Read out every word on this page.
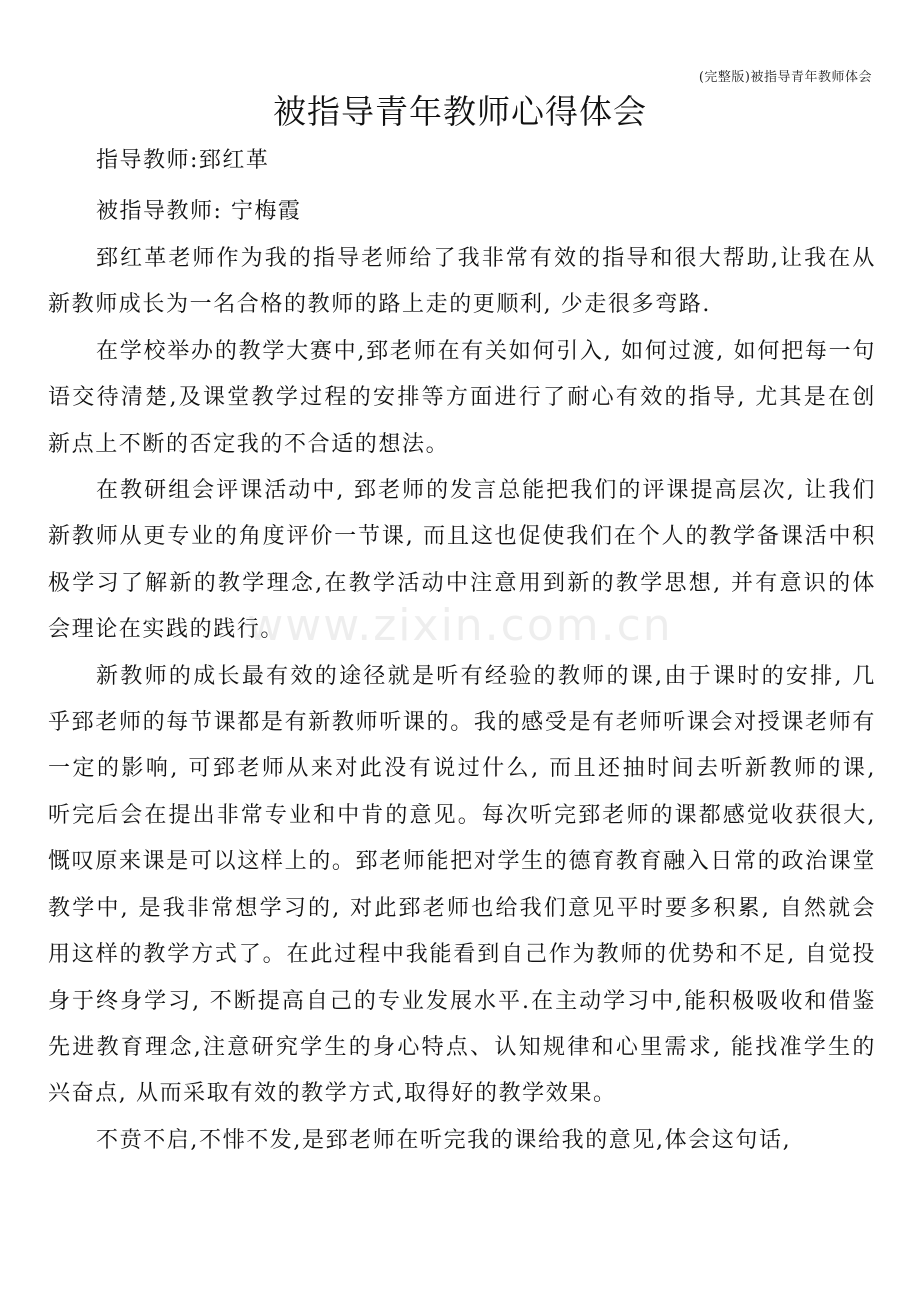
(完整版)被指导青年教师体会
被指导青年教师心得体会
指导教师:郅红革
被指导教师: 宁梅霞

郅红革老师作为我的指导老师给了我非常有效的指导和很大帮助,让我在从新教师成长为一名合格的教师的路上走的更顺利, 少走很多弯路.

在学校举办的教学大赛中,郅老师在有关如何引入, 如何过渡, 如何把每一句语交待清楚,及课堂教学过程的安排等方面进行了耐心有效的指导, 尤其是在创新点上不断的否定我的不合适的想法。

在教研组会评课活动中, 郅老师的发言总能把我们的评课提高层次, 让我们新教师从更专业的角度评价一节课, 而且这也促使我们在个人的教学备课活中积极学习了解新的教学理念,在教学活动中注意用到新的教学思想, 并有意识的体会理论在实践的践行。

新教师的成长最有效的途径就是听有经验的教师的课,由于课时的安排, 几乎郅老师的每节课都是有新教师听课的。我的感受是有老师听课会对授课老师有一定的影响, 可郅老师从来对此没有说过什么, 而且还抽时间去听新教师的课, 听完后会在提出非常专业和中肯的意见。每次听完郅老师的课都感觉收获很大,慨叹原来课是可以这样上的。郅老师能把对学生的德育教育融入日常的政治课堂教学中, 是我非常想学习的, 对此郅老师也给我们意见平时要多积累, 自然就会用这样的教学方式了。在此过程中我能看到自己作为教师的优势和不足, 自觉投身于终身学习, 不断提高自己的专业发展水平.在主动学习中,能积极吸收和借鉴先进教育理念,注意研究学生的身心特点、认知规律和心里需求, 能找准学生的兴奋点, 从而采取有效的教学方式,取得好的教学效果。

不贲不启,不悱不发,是郅老师在听完我的课给我的意见,体会这句话,

www.zixin.com.cn
